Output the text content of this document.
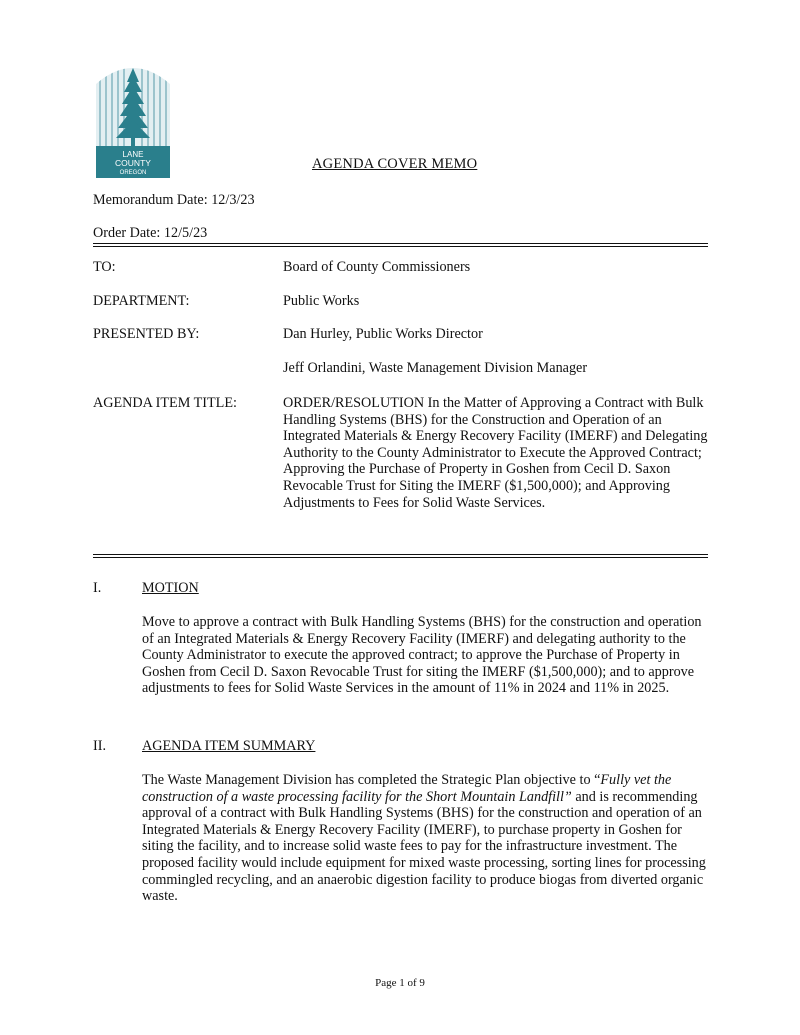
LANE
COUNTY
OREGON
AGENDA COVER MEMO
Memorandum Date: 12/3/23
Order Date: 12/5/23
TO:	Board of County Commissioners
DEPARTMENT:	Public Works
PRESENTED BY:	Dan Hurley, Public Works Director
Jeff Orlandini, Waste Management Division Manager
AGENDA ITEM TITLE:	ORDER/RESOLUTION In the Matter of Approving a Contract with Bulk Handling Systems (BHS) for the Construction and Operation of an Integrated Materials & Energy Recovery Facility (IMERF) and Delegating Authority to the County Administrator to Execute the Approved Contract; Approving the Purchase of Property in Goshen from Cecil D. Saxon Revocable Trust for Siting the IMERF ($1,500,000); and Approving Adjustments to Fees for Solid Waste Services.
I.	MOTION
Move to approve a contract with Bulk Handling Systems (BHS) for the construction and operation of an Integrated Materials & Energy Recovery Facility (IMERF) and delegating authority to the County Administrator to execute the approved contract; to approve the Purchase of Property in Goshen from Cecil D. Saxon Revocable Trust for siting the IMERF ($1,500,000); and to approve adjustments to fees for Solid Waste Services in the amount of 11% in 2024 and 11% in 2025.
II.	AGENDA ITEM SUMMARY
The Waste Management Division has completed the Strategic Plan objective to “Fully vet the construction of a waste processing facility for the Short Mountain Landfill” and is recommending approval of a contract with Bulk Handling Systems (BHS) for the construction and operation of an Integrated Materials & Energy Recovery Facility (IMERF), to purchase property in Goshen for siting the facility, and to increase solid waste fees to pay for the infrastructure investment. The proposed facility would include equipment for mixed waste processing, sorting lines for processing commingled recycling, and an anaerobic digestion facility to produce biogas from diverted organic waste.
Page 1 of 9
